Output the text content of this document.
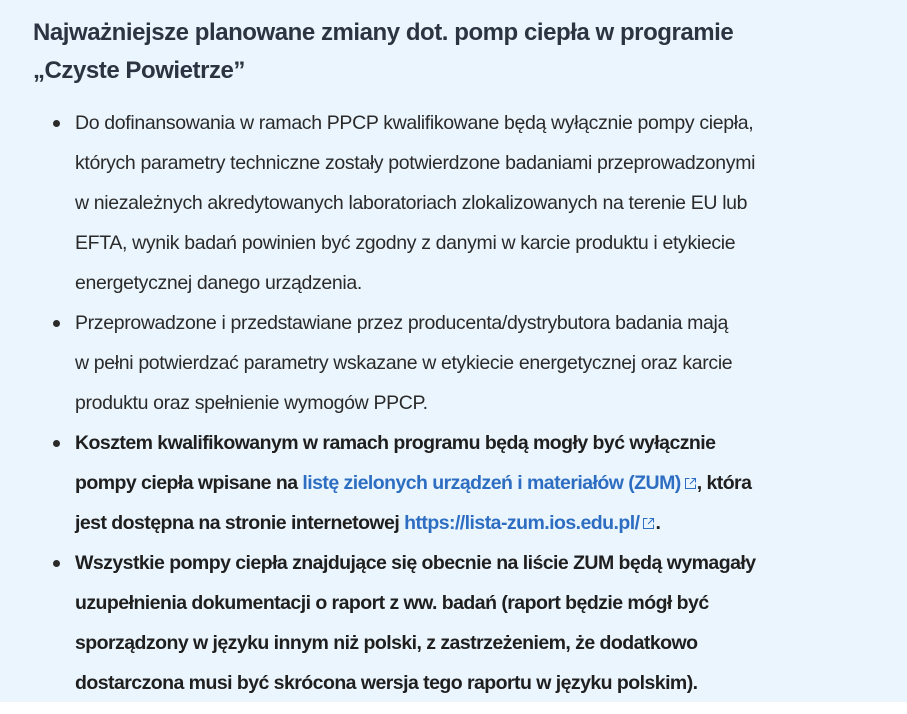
Najważniejsze planowane zmiany dot. pomp ciepła w programie
„Czyste Powietrze”
Do dofinansowania w ramach PPCP kwalifikowane będą wyłącznie pompy ciepła,
których parametry techniczne zostały potwierdzone badaniami przeprowadzonymi
w niezależnych akredytowanych laboratoriach zlokalizowanych na terenie EU lub
EFTA, wynik badań powinien być zgodny z danymi w karcie produktu i etykiecie
energetycznej danego urządzenia.
Przeprowadzone i przedstawiane przez producenta/dystrybutora badania mają
w pełni potwierdzać parametry wskazane w etykiecie energetycznej oraz karcie
produktu oraz spełnienie wymogów PPCP.
Kosztem kwalifikowanym w ramach programu będą mogły być wyłącznie
pompy ciepła wpisane na listę zielonych urządzeń i materiałów (ZUM) , która
jest dostępna na stronie internetowej https://lista-zum.ios.edu.pl/ .
Wszystkie pompy ciepła znajdujące się obecnie na liście ZUM będą wymagały
uzupełnienia dokumentacji o raport z ww. badań (raport będzie mógł być
sporządzony w języku innym niż polski, z zastrzeżeniem, że dodatkowo
dostarczona musi być skrócona wersja tego raportu w języku polskim).
